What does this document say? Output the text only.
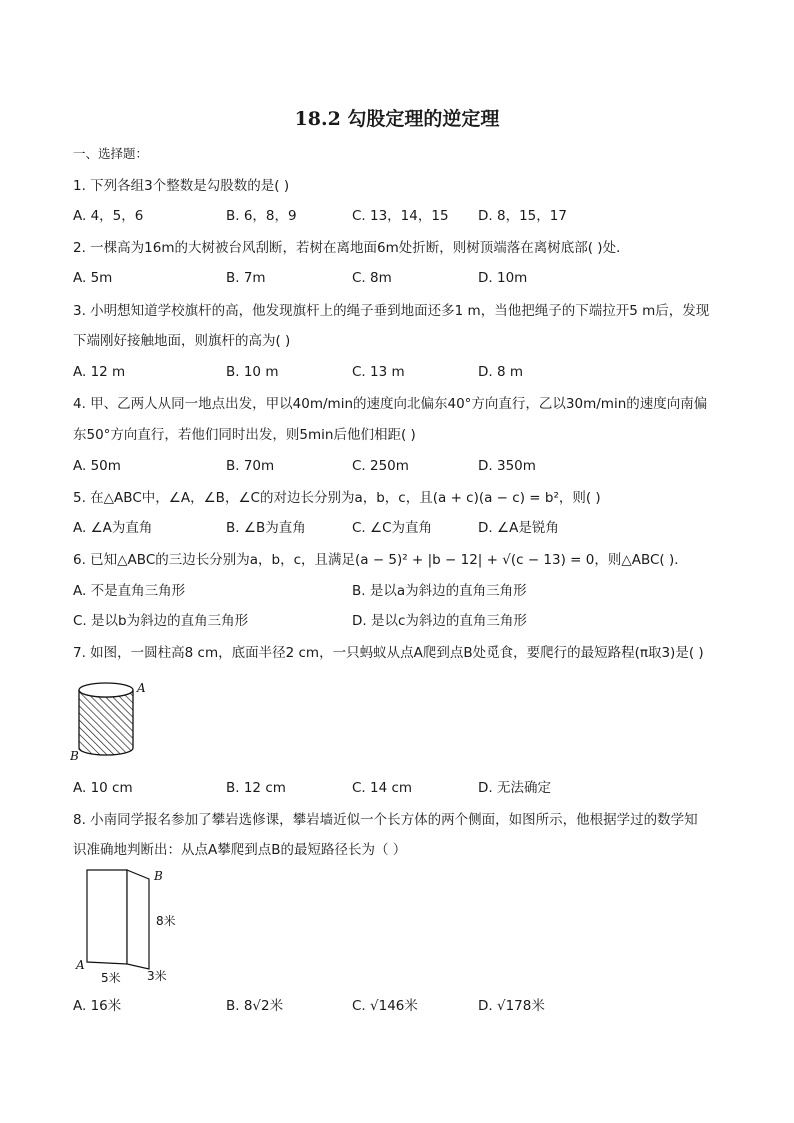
18.2 勾股定理的逆定理
一、选择题：
1. 下列各组3个整数是勾股数的是( )
A. 4，5，6	B. 6，8，9	C. 13，14，15 D. 8，15，17
2. 一棵高为16m的大树被台风刮断，若树在离地面6m处折断，则树顶端落在离树底部( )处．
A. 5m	B. 7m	C. 8m	D. 10m
3. 小明想知道学校旗杆的高，他发现旗杆上的绳子垂到地面还多1 m，当他把绳子的下端拉开5 m后，发现
下端刚好接触地面，则旗杆的高为( )
A. 12 m	B. 10 m	C. 13 m	D. 8 m
4. 甲、乙两人从同一地点出发，甲以40m/min的速度向北偏东40°方向直行，乙以30m/min的速度向南偏
东50°方向直行，若他们同时出发，则5min后他们相距( )
A. 50m	B. 70m	C. 250m	D. 350m
5. 在△ABC中，∠A，∠B，∠C的对边长分别为a，b，c，且(a + c)(a − c) = b²，则( )
A. ∠A为直角	B. ∠B为直角	C. ∠C为直角	D. ∠A是锐角
6. 已知△ABC的三边长分别为a，b，c，且满足(a − 5)² + |b − 12| + √(c − 13) = 0，则△ABC( )．
A. 不是直角三角形	B. 是以a为斜边的直角三角形
C. 是以b为斜边的直角三角形	D. 是以c为斜边的直角三角形
7. 如图，一圆柱高8 cm，底面半径2 cm，一只蚂蚁从点A爬到点B处觅食，要爬行的最短路程(π取3)是( )
A
B
A. 10 cm	B. 12 cm	C. 14 cm	D. 无法确定
8. 小南同学报名参加了攀岩选修课，攀岩墙近似一个长方体的两个侧面，如图所示，他根据学过的数学知
识准确地判断出：从点A攀爬到点B的最短路径长为（ ）
B
A
8米
5米 3米
A. 16米	B. 8√2米	C. √146米	D. √178米
